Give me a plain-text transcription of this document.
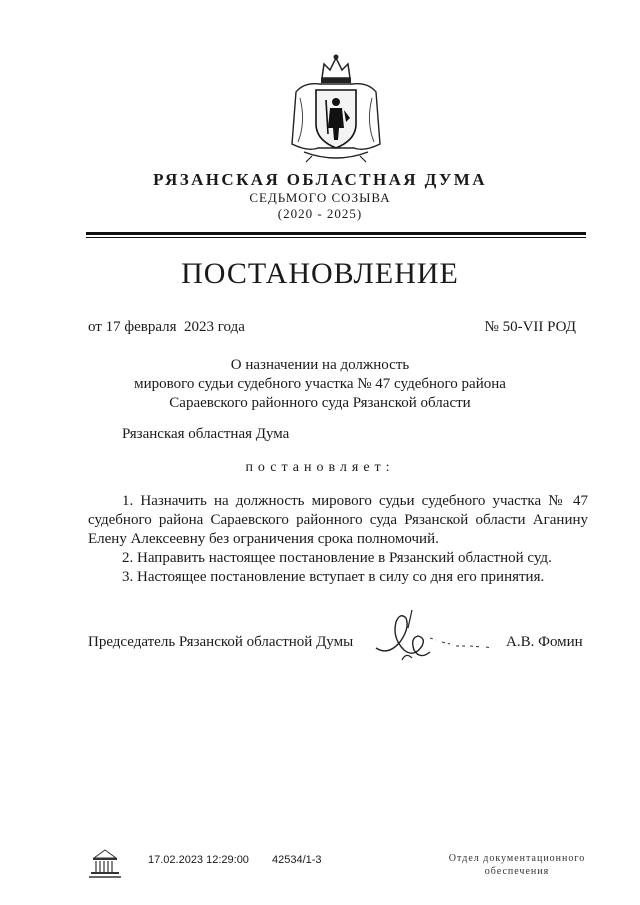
РЯЗАНСКАЯ ОБЛАСТНАЯ ДУМА
СЕДЬМОГО СОЗЫВА
(2020 - 2025)
ПОСТАНОВЛЕНИЕ
от 17 февраля  2023 года	№ 50-VII РОД
О назначении на должность
мирового судьи судебного участка № 47 судебного района
Сараевского районного суда Рязанской области
Рязанская областная Дума
постановляет:

1. Назначить на должность мирового судьи судебного участка № 47 судебного района Сараевского районного суда Рязанской области Аганину Елену Алексеевну без ограничения срока полномочий.

2. Направить настоящее постановление в Рязанский областной суд.

3. Настоящее постановление вступает в силу со дня его принятия.

Председатель Рязанской областной Думы	А.В. Фомин
17.02.2023 12:29:00 42534/1-3	Отдел документационного
обеспечения
